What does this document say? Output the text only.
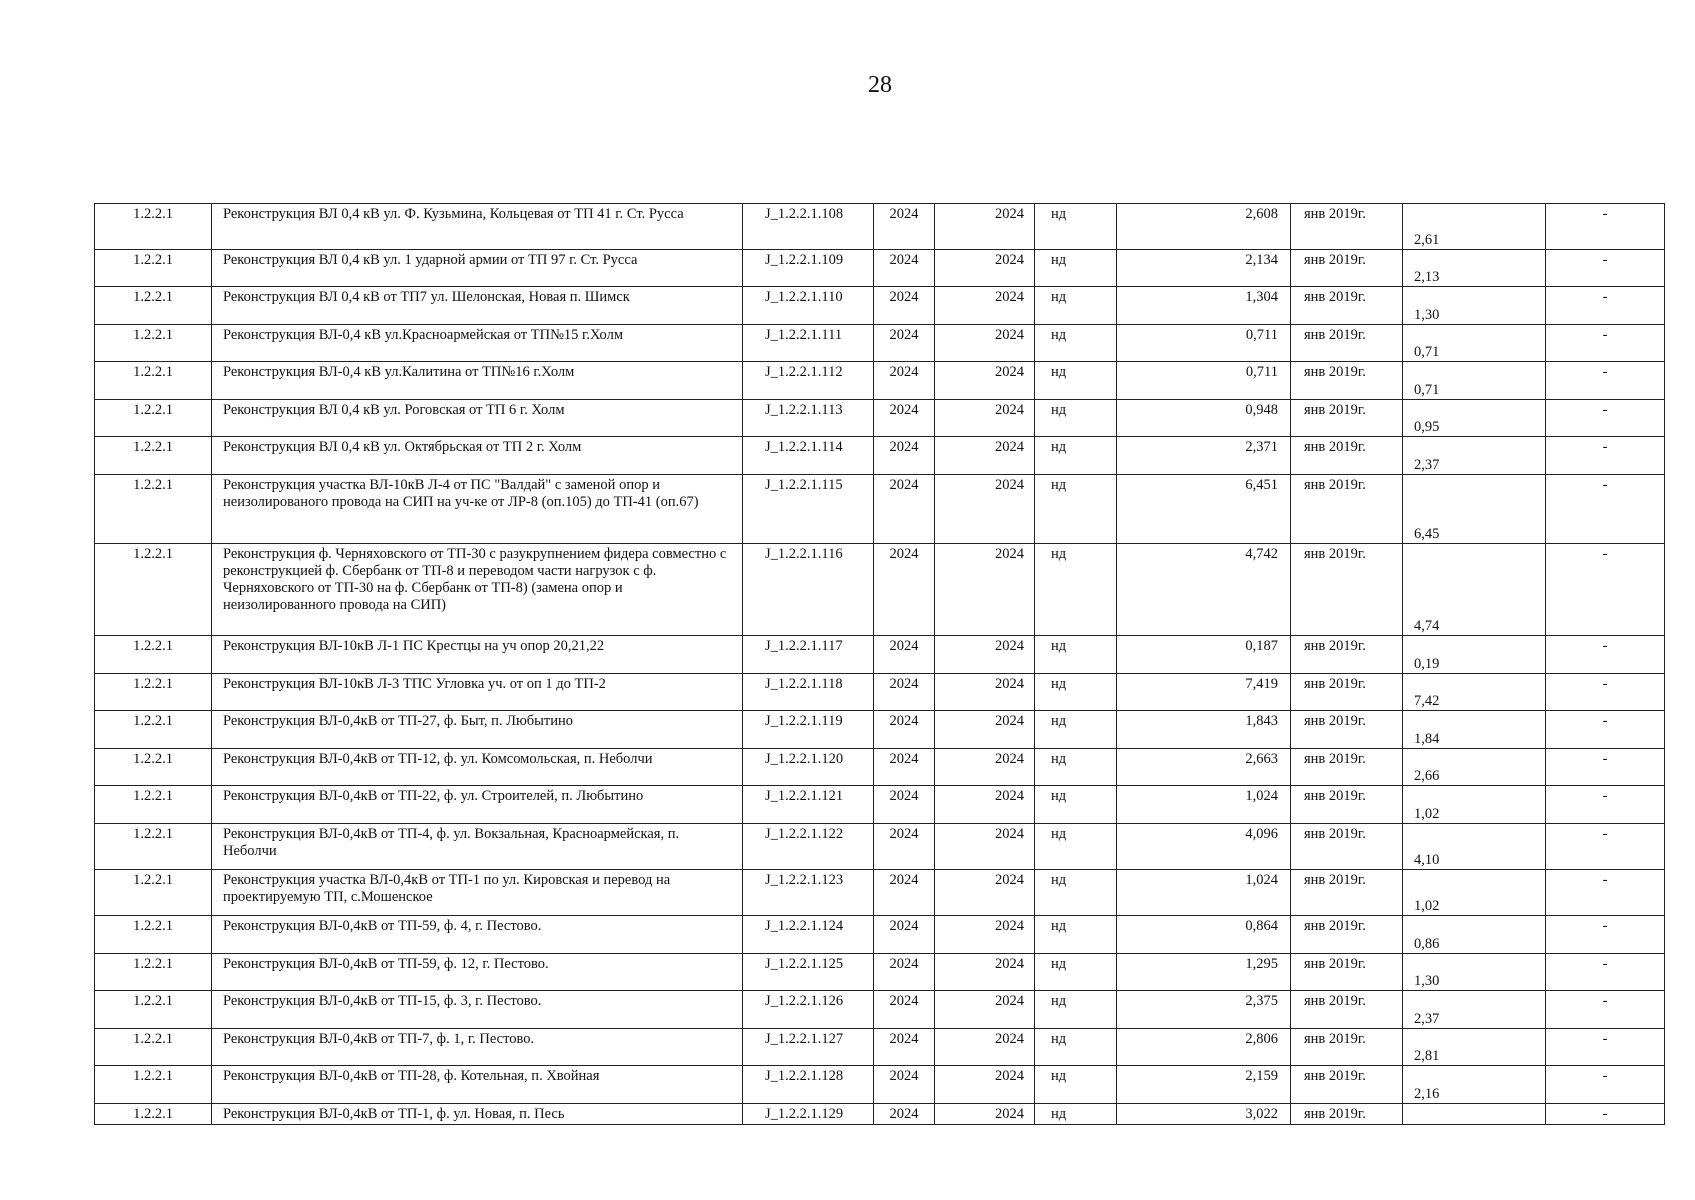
28
1.2.2.1	Реконструкция ВЛ 0,4 кВ ул. Ф. Кузьмина, Кольцевая от ТП 41 г. Ст. Русса	J_1.2.2.1.108	2024	2024	нд	2,608	янв 2019г.	2,61	-
1.2.2.1	Реконструкция ВЛ 0,4 кВ ул. 1 ударной армии от ТП 97 г. Ст. Русса	J_1.2.2.1.109	2024	2024	нд	2,134	янв 2019г.	2,13	-
1.2.2.1	Реконструкция ВЛ 0,4 кВ от ТП7 ул. Шелонская, Новая п. Шимск	J_1.2.2.1.110	2024	2024	нд	1,304	янв 2019г.	1,30	-
1.2.2.1	Реконструкция ВЛ-0,4 кВ ул.Красноармейская от ТП№15 г.Холм	J_1.2.2.1.111	2024	2024	нд	0,711	янв 2019г.	0,71	-
1.2.2.1	Реконструкция ВЛ-0,4 кВ ул.Калитина от ТП№16 г.Холм	J_1.2.2.1.112	2024	2024	нд	0,711	янв 2019г.	0,71	-
1.2.2.1	Реконструкция ВЛ 0,4 кВ ул. Роговская от ТП 6 г. Холм	J_1.2.2.1.113	2024	2024	нд	0,948	янв 2019г.	0,95	-
1.2.2.1	Реконструкция ВЛ 0,4 кВ ул. Октябрьская от ТП 2 г. Холм	J_1.2.2.1.114	2024	2024	нд	2,371	янв 2019г.	2,37	-
1.2.2.1	Реконструкция участка ВЛ-10кВ Л-4 от ПС "Валдай" с заменой опор и неизолированого провода на СИП на уч-ке от ЛР-8 (оп.105) до ТП-41 (оп.67)	J_1.2.2.1.115	2024	2024	нд	6,451	янв 2019г.	6,45	-
1.2.2.1	Реконструкция ф. Черняховского от ТП-30 с разукрупнением фидера совместно с реконструкцией ф. Сбербанк от ТП-8 и переводом части нагрузок с ф. Черняховского от ТП-30 на ф. Сбербанк от ТП-8) (замена опор и неизолированного провода на СИП)	J_1.2.2.1.116	2024	2024	нд	4,742	янв 2019г.	4,74	-
1.2.2.1	Реконструкция ВЛ-10кВ Л-1 ПС Крестцы на уч опор 20,21,22	J_1.2.2.1.117	2024	2024	нд	0,187	янв 2019г.	0,19	-
1.2.2.1	Реконструкция ВЛ-10кВ Л-3 ТПС Угловка уч. от оп 1 до ТП-2	J_1.2.2.1.118	2024	2024	нд	7,419	янв 2019г.	7,42	-
1.2.2.1	Реконструкция ВЛ-0,4кВ от ТП-27, ф. Быт, п. Любытино	J_1.2.2.1.119	2024	2024	нд	1,843	янв 2019г.	1,84	-
1.2.2.1	Реконструкция ВЛ-0,4кВ от ТП-12, ф. ул. Комсомольская, п. Неболчи	J_1.2.2.1.120	2024	2024	нд	2,663	янв 2019г.	2,66	-
1.2.2.1	Реконструкция ВЛ-0,4кВ от ТП-22, ф. ул. Строителей, п. Любытино	J_1.2.2.1.121	2024	2024	нд	1,024	янв 2019г.	1,02	-
1.2.2.1	Реконструкция ВЛ-0,4кВ от ТП-4, ф. ул. Вокзальная, Красноармейская, п. Неболчи	J_1.2.2.1.122	2024	2024	нд	4,096	янв 2019г.	4,10	-
1.2.2.1	Реконструкция участка ВЛ-0,4кВ от ТП-1 по ул. Кировская и перевод на проектируемую ТП, с.Мошенское	J_1.2.2.1.123	2024	2024	нд	1,024	янв 2019г.	1,02	-
1.2.2.1	Реконструкция ВЛ-0,4кВ от ТП-59, ф. 4, г. Пестово.	J_1.2.2.1.124	2024	2024	нд	0,864	янв 2019г.	0,86	-
1.2.2.1	Реконструкция ВЛ-0,4кВ от ТП-59, ф. 12, г. Пестово.	J_1.2.2.1.125	2024	2024	нд	1,295	янв 2019г.	1,30	-
1.2.2.1	Реконструкция ВЛ-0,4кВ от ТП-15, ф. 3, г. Пестово.	J_1.2.2.1.126	2024	2024	нд	2,375	янв 2019г.	2,37	-
1.2.2.1	Реконструкция ВЛ-0,4кВ от ТП-7, ф. 1, г. Пестово.	J_1.2.2.1.127	2024	2024	нд	2,806	янв 2019г.	2,81	-
1.2.2.1	Реконструкция ВЛ-0,4кВ от ТП-28, ф. Котельная, п. Хвойная	J_1.2.2.1.128	2024	2024	нд	2,159	янв 2019г.	2,16	-
1.2.2.1	Реконструкция ВЛ-0,4кВ от ТП-1, ф. ул. Новая, п. Песь	J_1.2.2.1.129	2024	2024	нд	3,022	янв 2019г.		-
